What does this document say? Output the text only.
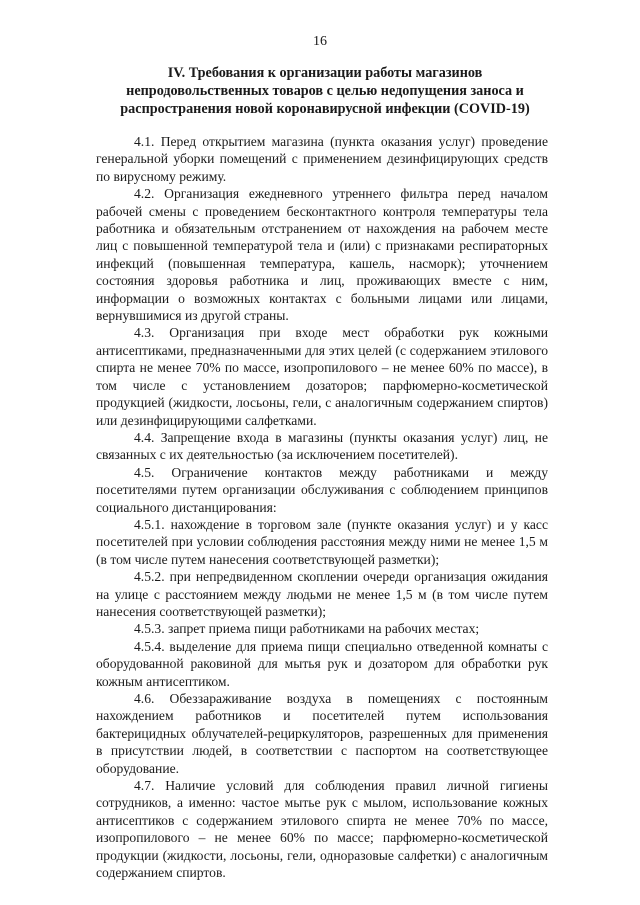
16
IV. Требования к организации работы магазинов непродовольственных товаров с целью недопущения заноса и распространения новой коронавирусной инфекции (COVID-19)

4.1. Перед открытием магазина (пункта оказания услуг) проведение генеральной уборки помещений с применением дезинфицирующих средств по вирусному режиму.

4.2. Организация ежедневного утреннего фильтра перед началом рабочей смены с проведением бесконтактного контроля температуры тела работника и обязательным отстранением от нахождения на рабочем месте лиц с повышенной температурой тела и (или) с признаками респираторных инфекций (повышенная температура, кашель, насморк); уточнением состояния здоровья работника и лиц, проживающих вместе с ним, информации о возможных контактах с больными лицами или лицами, вернувшимися из другой страны.

4.3. Организация при входе мест обработки рук кожными антисептиками, предназначенными для этих целей (с содержанием этилового спирта не менее 70% по массе, изопропилового – не менее 60% по массе), в том числе с установлением дозаторов; парфюмерно-косметической продукцией (жидкости, лосьоны, гели, с аналогичным содержанием спиртов) или дезинфицирующими салфетками.

4.4. Запрещение входа в магазины (пункты оказания услуг) лиц, не связанных с их деятельностью (за исключением посетителей).

4.5. Ограничение контактов между работниками и между посетителями путем организации обслуживания с соблюдением принципов социального дистанцирования:

4.5.1. нахождение в торговом зале (пункте оказания услуг) и у касс посетителей при условии соблюдения расстояния между ними не менее 1,5 м (в том числе путем нанесения соответствующей разметки);

4.5.2. при непредвиденном скоплении очереди организация ожидания на улице с расстоянием между людьми не менее 1,5 м (в том числе путем нанесения соответствующей разметки);

4.5.3. запрет приема пищи работниками на рабочих местах;

4.5.4. выделение для приема пищи специально отведенной комнаты с оборудованной раковиной для мытья рук и дозатором для обработки рук кожным антисептиком.

4.6. Обеззараживание воздуха в помещениях с постоянным нахождением работников и посетителей путем использования бактерицидных облучателей-рециркуляторов, разрешенных для применения в присутствии людей, в соответствии с паспортом на соответствующее оборудование.

4.7. Наличие условий для соблюдения правил личной гигиены сотрудников, а именно: частое мытье рук с мылом, использование кожных антисептиков с содержанием этилового спирта не менее 70% по массе, изопропилового – не менее 60% по массе; парфюмерно-косметической продукции (жидкости, лосьоны, гели, одноразовые салфетки) с аналогичным содержанием спиртов.
